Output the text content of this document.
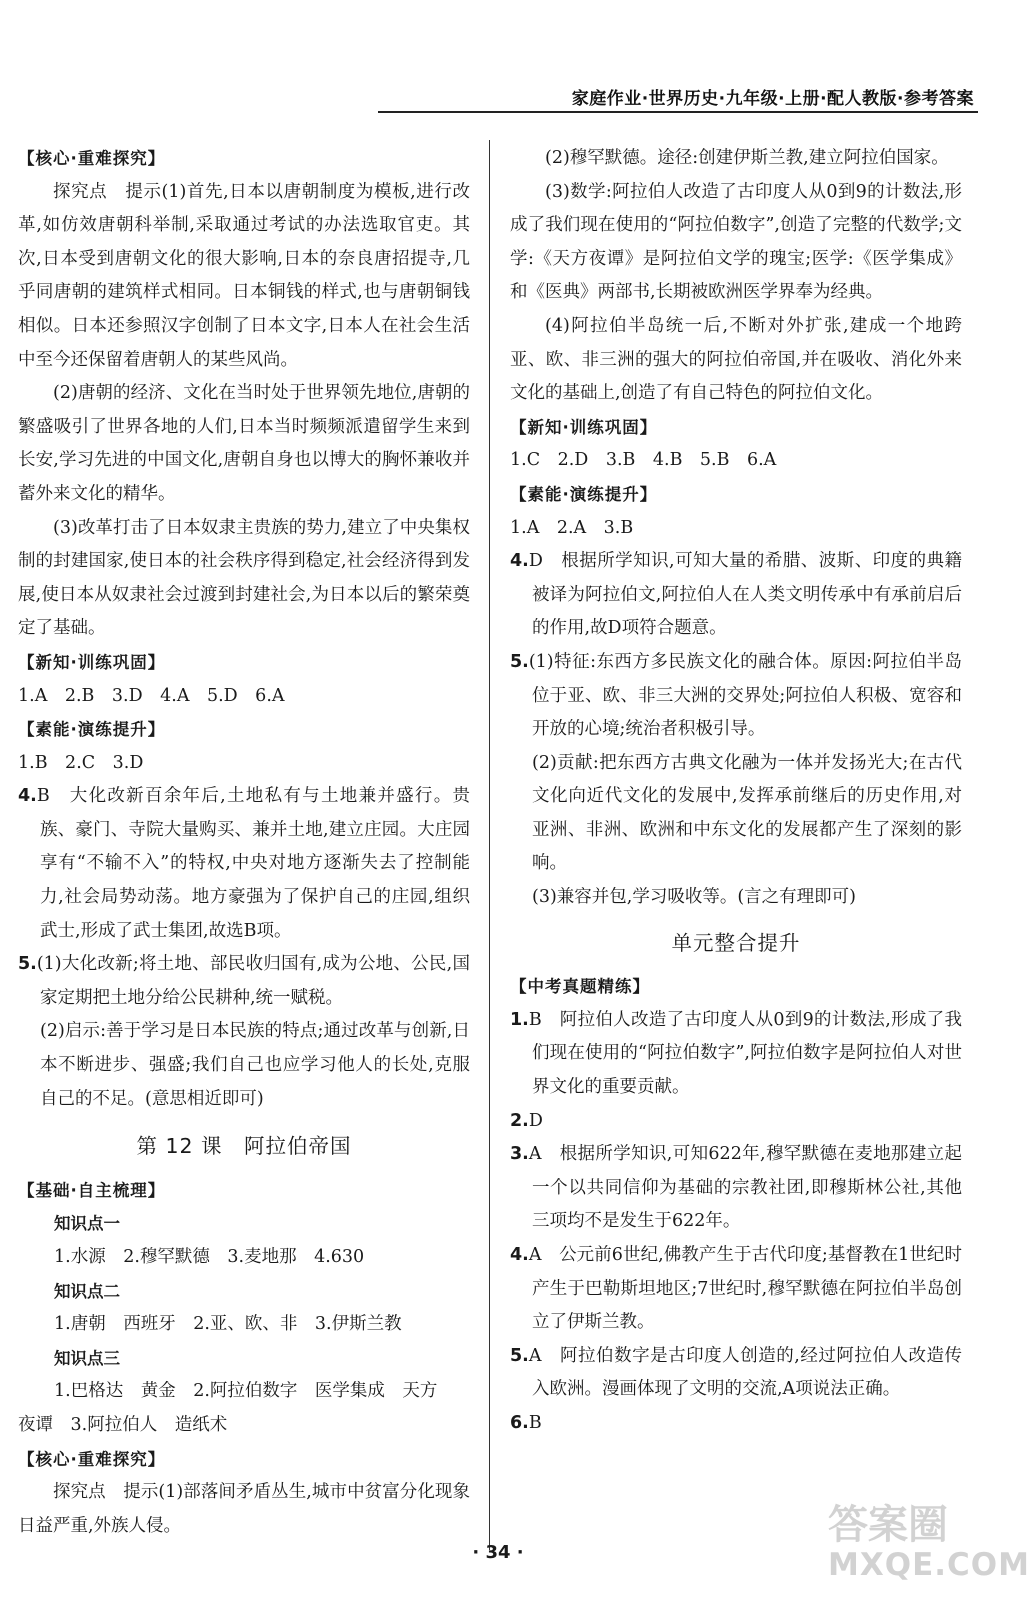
家庭作业·世界历史·九年级·上册·配人教版·参考答案

【核心·重难探究】

探究点　提示(1)首先,日本以唐朝制度为模板,进行改革,如仿效唐朝科举制,采取通过考试的办法选取官吏。其次,日本受到唐朝文化的很大影响,日本的奈良唐招提寺,几乎同唐朝的建筑样式相同。日本铜钱的样式,也与唐朝铜钱相似。日本还参照汉字创制了日本文字,日本人在社会生活中至今还保留着唐朝人的某些风尚。

(2)唐朝的经济、文化在当时处于世界领先地位,唐朝的繁盛吸引了世界各地的人们,日本当时频频派遣留学生来到长安,学习先进的中国文化,唐朝自身也以博大的胸怀兼收并蓄外来文化的精华。

(3)改革打击了日本奴隶主贵族的势力,建立了中央集权制的封建国家,使日本的社会秩序得到稳定,社会经济得到发展,使日本从奴隶社会过渡到封建社会,为日本以后的繁荣奠定了基础。

【新知·训练巩固】

1.A　2.B　3.D　4.A　5.D　6.A

【素能·演练提升】

1.B　2.C　3.D

4.B　大化改新百余年后,土地私有与土地兼并盛行。贵族、豪门、寺院大量购买、兼并土地,建立庄园。大庄园享有“不输不入”的特权,中央对地方逐渐失去了控制能力,社会局势动荡。地方豪强为了保护自己的庄园,组织武士,形成了武士集团,故选B项。

5.(1)大化改新;将土地、部民收归国有,成为公地、公民,国家定期把土地分给公民耕种,统一赋税。

(2)启示:善于学习是日本民族的特点;通过改革与创新,日本不断进步、强盛;我们自己也应学习他人的长处,克服自己的不足。(意思相近即可)

第 12 课　阿拉伯帝国

【基础·自主梳理】

知识点一

1.水源　2.穆罕默德　3.麦地那　4.630

知识点二

1.唐朝　西班牙　2.亚、欧、非　3.伊斯兰教

知识点三

1.巴格达　黄金　2.阿拉伯数字　医学集成　天方

夜谭　3.阿拉伯人　造纸术

【核心·重难探究】

探究点　提示(1)部落间矛盾丛生,城市中贫富分化现象日益严重,外族人侵。

(2)穆罕默德。途径:创建伊斯兰教,建立阿拉伯国家。

(3)数学:阿拉伯人改造了古印度人从0到9的计数法,形成了我们现在使用的“阿拉伯数字”,创造了完整的代数学;文学:《天方夜谭》是阿拉伯文学的瑰宝;医学:《医学集成》和《医典》两部书,长期被欧洲医学界奉为经典。

(4)阿拉伯半岛统一后,不断对外扩张,建成一个地跨亚、欧、非三洲的强大的阿拉伯帝国,并在吸收、消化外来文化的基础上,创造了有自己特色的阿拉伯文化。

【新知·训练巩固】

1.C　2.D　3.B　4.B　5.B　6.A

【素能·演练提升】

1.A　2.A　3.B

4.D　根据所学知识,可知大量的希腊、波斯、印度的典籍被译为阿拉伯文,阿拉伯人在人类文明传承中有承前启后的作用,故D项符合题意。

5.(1)特征:东西方多民族文化的融合体。原因:阿拉伯半岛位于亚、欧、非三大洲的交界处;阿拉伯人积极、宽容和开放的心境;统治者积极引导。

(2)贡献:把东西方古典文化融为一体并发扬光大;在古代文化向近代文化的发展中,发挥承前继后的历史作用,对亚洲、非洲、欧洲和中东文化的发展都产生了深刻的影响。

(3)兼容并包,学习吸收等。(言之有理即可)

单元整合提升

【中考真题精练】

1.B　阿拉伯人改造了古印度人从0到9的计数法,形成了我们现在使用的“阿拉伯数字”,阿拉伯数字是阿拉伯人对世界文化的重要贡献。

2.D

3.A　根据所学知识,可知622年,穆罕默德在麦地那建立起一个以共同信仰为基础的宗教社团,即穆斯林公社,其他三项均不是发生于622年。

4.A　公元前6世纪,佛教产生于古代印度;基督教在1世纪时产生于巴勒斯坦地区;7世纪时,穆罕默德在阿拉伯半岛创立了伊斯兰教。

5.A　阿拉伯数字是古印度人创造的,经过阿拉伯人改造传入欧洲。漫画体现了文明的交流,A项说法正确。

6.B

· 34 ·
答案圈
MXQE.COM
